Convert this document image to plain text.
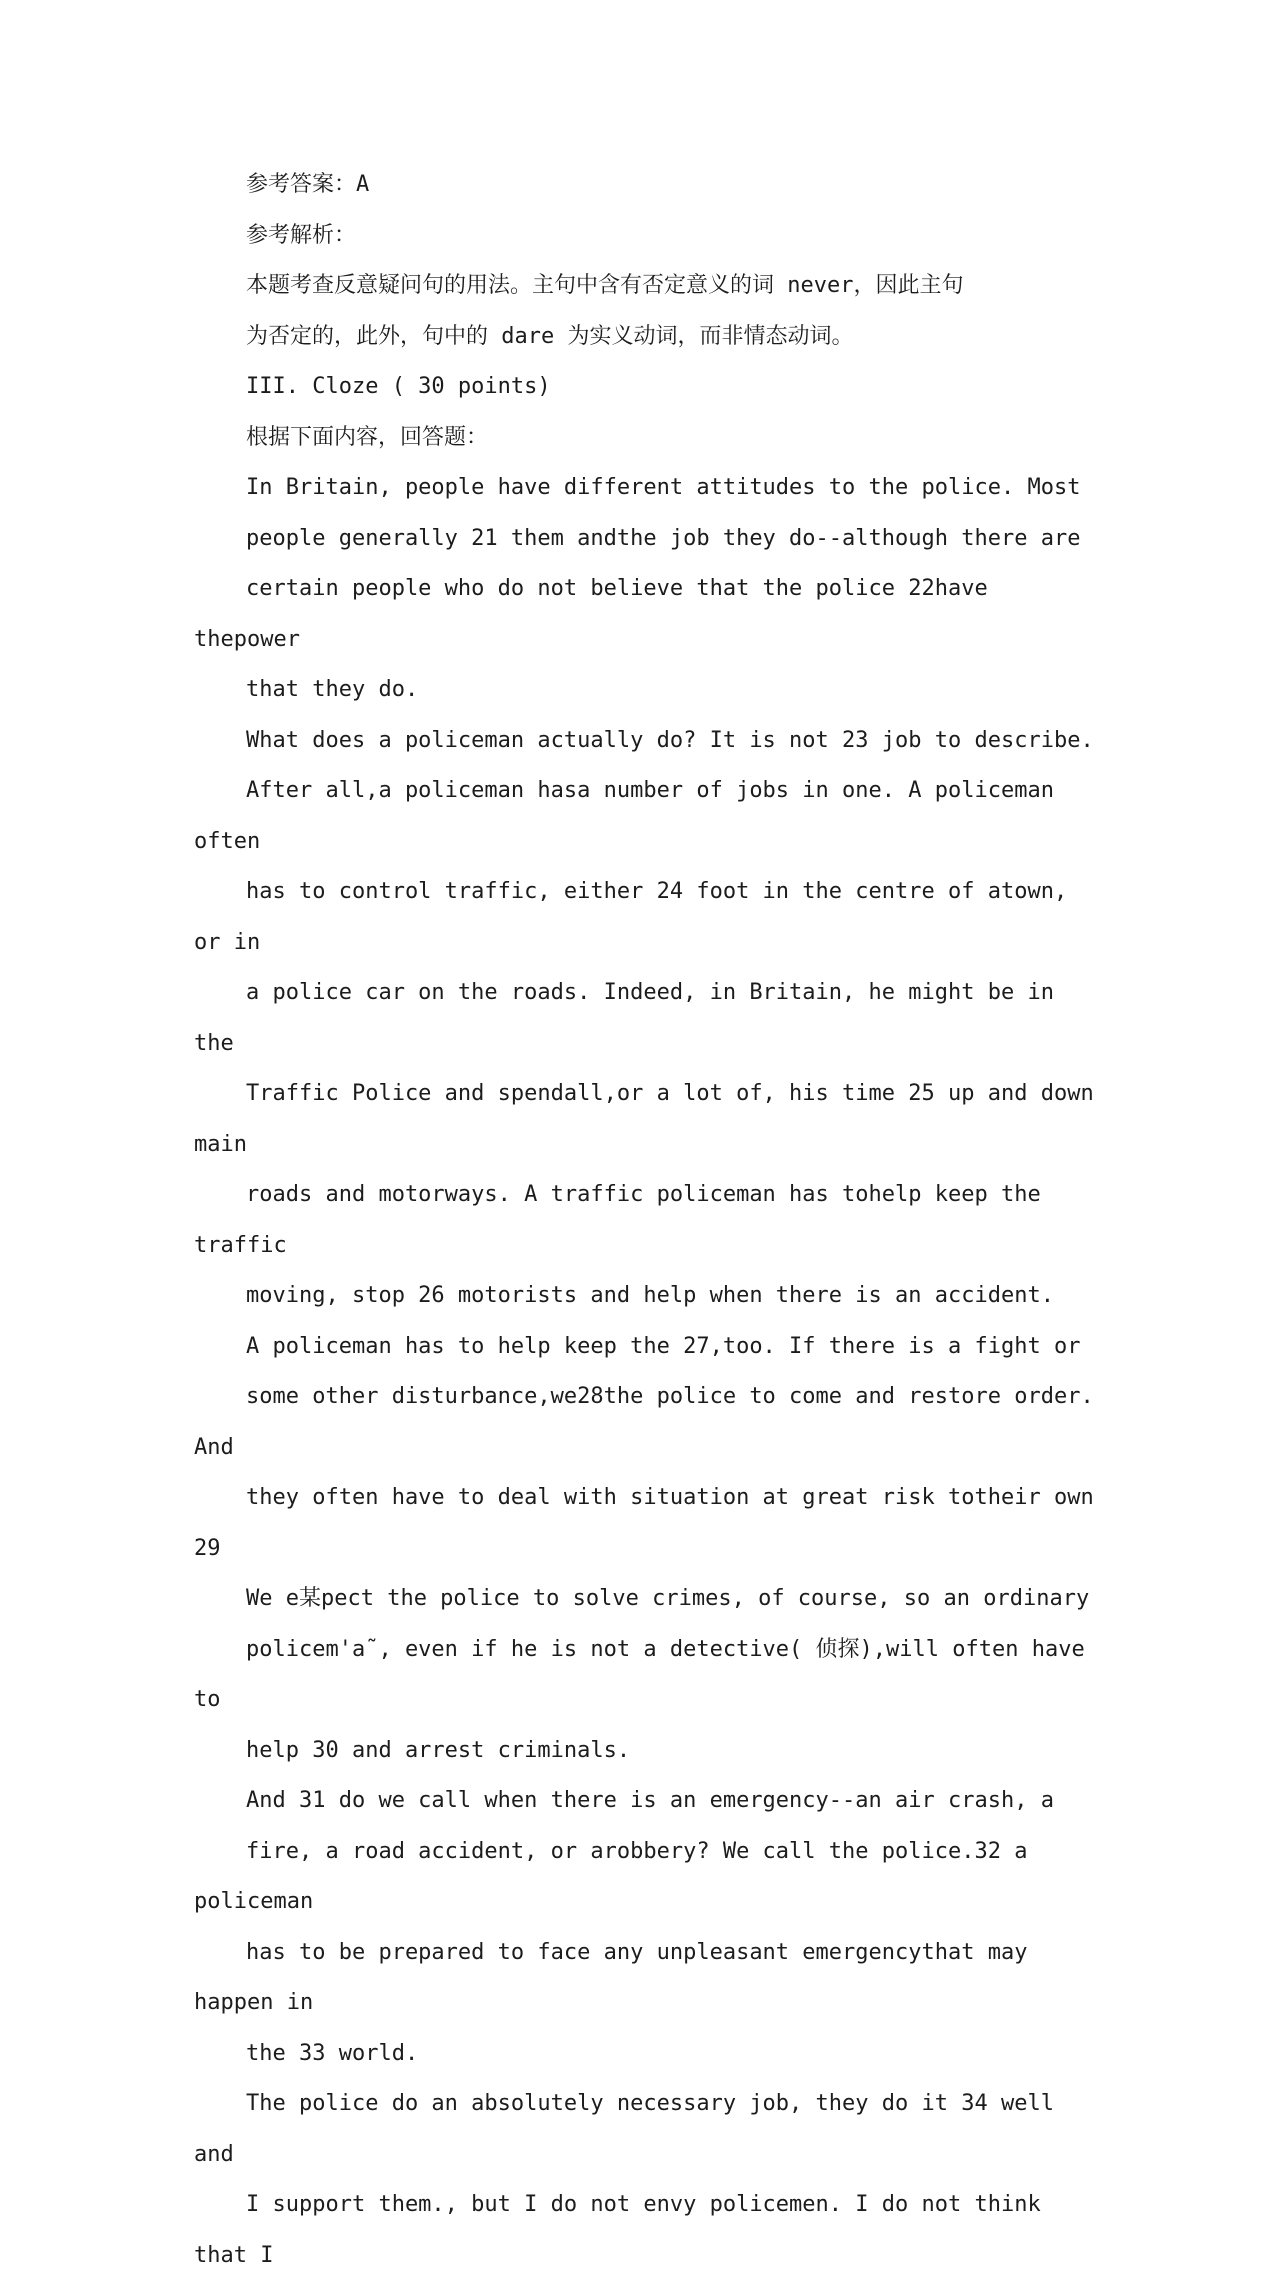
参考答案：A

参考解析：

本题考查反意疑问句的用法。主句中含有否定意义的词 never，因此主句
为否定的，此外，句中的 dare 为实义动词，而非情态动词。

III. Cloze ( 30 points)

根据下面内容，回答题：

In Britain, people have different attitudes to the police. Most
people generally 21 them andthe job they do--although there are
certain people who do not believe that the police 22have thepower
that they do.

What does a policeman actually do? It is not 23 job to describe.
After all,a policeman hasa number of jobs in one. A policeman often
has to control traffic, either 24 foot in the centre of atown, or in
a police car on the roads. Indeed, in Britain, he might be in the
Traffic Police and spendall,or a lot of, his time 25 up and down main
roads and motorways. A traffic policeman has tohelp keep the traffic
moving, stop 26 motorists and help when there is an accident.

A policeman has to help keep the 27,too. If there is a fight or
some other disturbance,we28the police to come and restore order. And
they often have to deal with situation at great risk totheir own 29

We e某pect the police to solve crimes, of course, so an ordinary
policem'a˜, even if he is not a detective( 侦探),will often have to
help 30 and arrest criminals.

And 31 do we call when there is an emergency--an air crash, a
fire, a road accident, or arobbery? We call the police.32 a policeman
has to be prepared to face any unpleasant emergencythat may happen in
the 33 world.

The police do an absolutely necessary job, they do it 34 well and
I support them., but I do not envy policemen. I do not think that I
